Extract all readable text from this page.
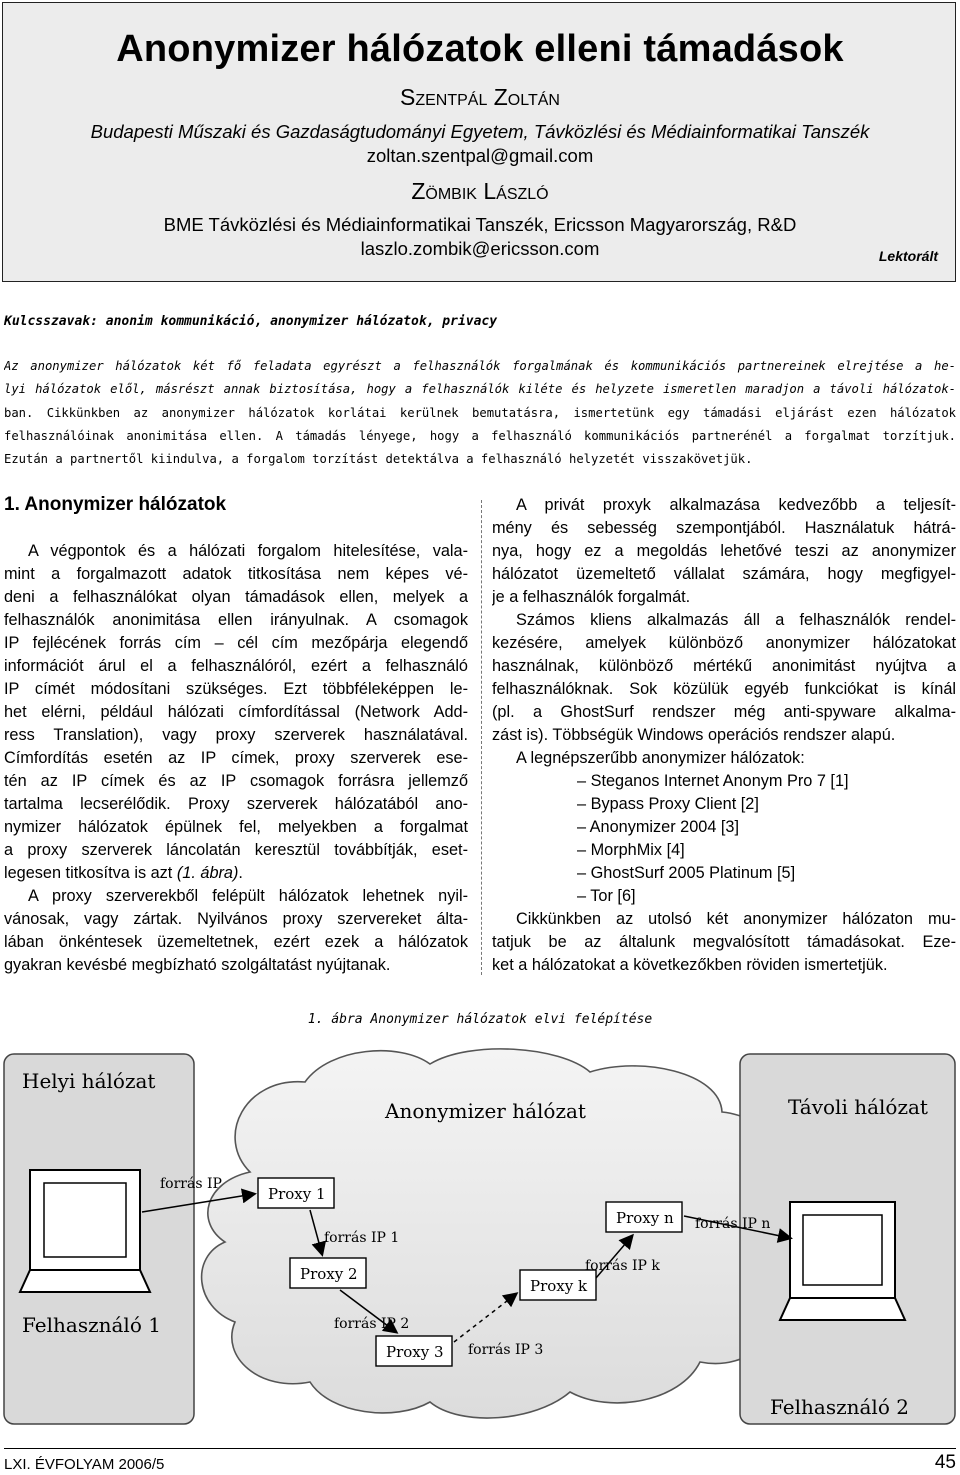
Anonymizer hálózatok elleni támadások
Szentpál Zoltán
Budapesti Műszaki és Gazdaságtudományi Egyetem, Távközlési és Médiainformatikai Tanszék
zoltan.szentpal@gmail.com
Zömbik László
BME Távközlési és Médiainformatikai Tanszék, Ericsson Magyarország, R&D
laszlo.zombik@ericsson.com	Lektorált
Kulcsszavak: anonim kommunikáció, anonymizer hálózatok, privacy
Az anonymizer hálózatok két fő feladata egyrészt a felhasználók forgalmának és kommunikációs partnereinek elrejtése a he-
lyi hálózatok elől, másrészt annak biztosítása, hogy a felhasználók kiléte és helyzete ismeretlen maradjon a távoli hálózatok-
ban. Cikkünkben az anonymizer hálózatok korlátai kerülnek bemutatásra, ismertetünk egy támadási eljárást ezen hálózatok
felhasználóinak anonimitása ellen. A támadás lényege, hogy a felhasználó kommunikációs partnerénél a forgalmat torzítjuk.
Ezután a partnertől kiindulva, a forgalom torzítást detektálva a felhasználó helyzetét visszakövetjük.
1. Anonymizer hálózatok
A végpontok és a hálózati forgalom hitelesítése, vala-
mint a forgalmazott adatok titkosítása nem képes vé-
deni a felhasználókat olyan támadások ellen, melyek a
felhasználók anonimitása ellen irányulnak. A csomagok
IP fejlécének forrás cím – cél cím mezőpárja elegendő
információt árul el a felhasználóról, ezért a felhasználó
IP címét módosítani szükséges. Ezt többféleképpen le-
het elérni, például hálózati címfordítással (Network Add-
ress Translation), vagy proxy szerverek használatával.
Címfordítás esetén az IP címek, proxy szerverek ese-
tén az IP címek és az IP csomagok forrásra jellemző
tartalma lecserélődik. Proxy szerverek hálózatából ano-
nymizer hálózatok épülnek fel, melyekben a forgalmat
a proxy szerverek láncolatán keresztül továbbítják, eset-
legesen titkosítva is azt (1. ábra).
A proxy szerverekből felépült hálózatok lehetnek nyil-
vánosak, vagy zártak. Nyilvános proxy szervereket álta-
lában önkéntesek üzemeltetnek, ezért ezek a hálózatok
gyakran kevésbé megbízható szolgáltatást nyújtanak.
A privát proxyk alkalmazása kedvezőbb a teljesít-
mény és sebesség szempontjából. Használatuk hátrá-
nya, hogy ez a megoldás lehetővé teszi az anonymizer
hálózatot üzemeltető vállalat számára, hogy megfigyel-
je a felhasználók forgalmát.
Számos kliens alkalmazás áll a felhasználók rendel-
kezésére, amelyek különböző anonymizer hálózatokat
használnak, különböző mértékű anonimitást nyújtva a
felhasználóknak. Sok közülük egyéb funkciókat is kínál
(pl. a GhostSurf rendszer még anti-spyware alkalma-
zást is). Többségük Windows operációs rendszer alapú.
A legnépszerűbb anonymizer hálózatok:
– Steganos Internet Anonym Pro 7 [1]
– Bypass Proxy Client [2]
– Anonymizer 2004 [3]
– MorphMix [4]
– GhostSurf 2005 Platinum [5]
– Tor [6]
Cikkünkben az utolsó két anonymizer hálózaton mu-
tatjuk be az általunk megvalósított támadásokat. Eze-
ket a hálózatokat a következőkben röviden ismertetjük.
1. ábra Anonymizer hálózatok elvi felépítése
Helyi hálózat
Távoli hálózat
Anonymizer hálózat
Felhasználó 1
Felhasználó 2
Proxy 1
Proxy 2
Proxy 3
Proxy k
Proxy n
forrás IP
forrás IP 1
forrás IP 2
forrás IP 3
forrás IP k
forrás IP n
LXI. ÉVFOLYAM 2006/5	45
